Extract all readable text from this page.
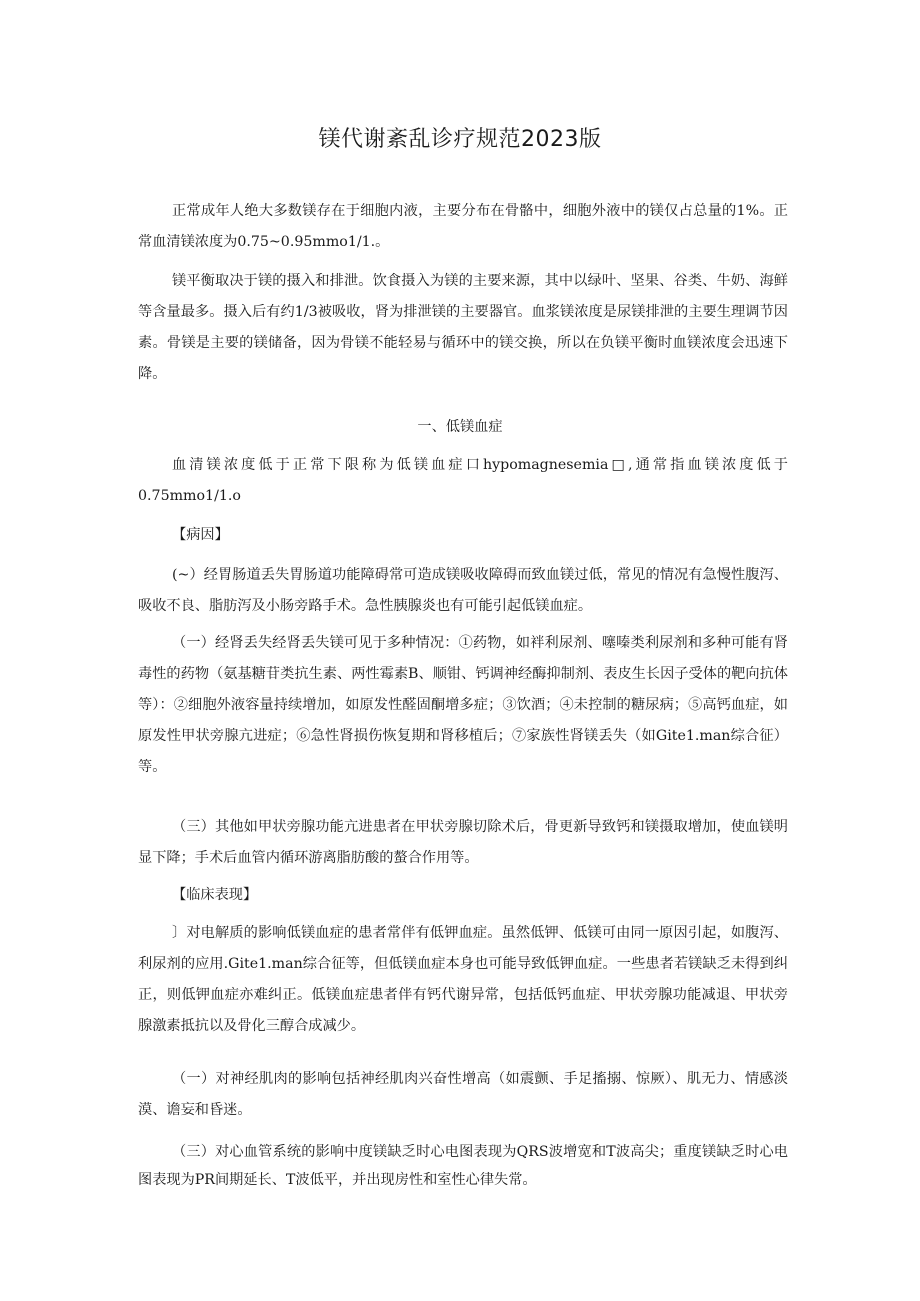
镁代谢紊乱诊疗规范2023版

正常成年人绝大多数镁存在于细胞内液，主要分布在骨骼中，细胞外液中的镁仅占总量的1%。正常血清镁浓度为0.75~0.95mmo1∕1.。

镁平衡取决于镁的摄入和排泄。饮食摄入为镁的主要来源，其中以绿叶、坚果、谷类、牛奶、海鲜等含量最多。摄入后有约1/3被吸收，肾为排泄镁的主要器官。血浆镁浓度是尿镁排泄的主要生理调节因素。骨镁是主要的镁储备，因为骨镁不能轻易与循环中的镁交换，所以在负镁平衡时血镁浓度会迅速下降。

一、低镁血症

血清镁浓度低于正常下限称为低镁血症口hypomagnesemia□,通常指血镁浓度低于0.75mmo1∕1.o

【病因】

(~）经胃肠道丢失胃肠道功能障碍常可造成镁吸收障碍而致血镁过低，常见的情况有急慢性腹泻、吸收不良、脂肪泻及小肠旁路手术。急性胰腺炎也有可能引起低镁血症。

（一）经肾丢失经肾丢失镁可见于多种情况：①药物，如袢利尿剂、噻嗪类利尿剂和多种可能有肾毒性的药物（氨基糖苷类抗生素、两性霉素B、顺钳、钙调神经酶抑制剂、表皮生长因子受体的靶向抗体等）：②细胞外液容量持续增加，如原发性醛固酮增多症；③饮酒；④未控制的糖尿病；⑤高钙血症，如原发性甲状旁腺亢进症；⑥急性肾损伤恢复期和肾移植后；⑦家族性肾镁丢失（如Gite1.man综合征）等。

（三）其他如甲状旁腺功能亢进患者在甲状旁腺切除术后，骨更新导致钙和镁摄取增加，使血镁明显下降；手术后血管内循环游离脂肪酸的螯合作用等。

【临床表现】

〕对电解质的影响低镁血症的患者常伴有低钾血症。虽然低钾、低镁可由同一原因引起，如腹泻、利尿剂的应用.Gite1.man综合征等，但低镁血症本身也可能导致低钾血症。一些患者若镁缺乏未得到纠正，则低钾血症亦难纠正。低镁血症患者伴有钙代谢异常，包括低钙血症、甲状旁腺功能减退、甲状旁腺激素抵抗以及骨化三醇合成减少。

（一）对神经肌肉的影响包括神经肌肉兴奋性增高（如震颤、手足搐搦、惊厥）、肌无力、情感淡漠、谵妄和昏迷。

（三）对心血管系统的影响中度镁缺乏时心电图表现为QRS波增宽和T波高尖；重度镁缺乏时心电图表现为PR间期延长、T波低平，并出现房性和室性心律失常。
